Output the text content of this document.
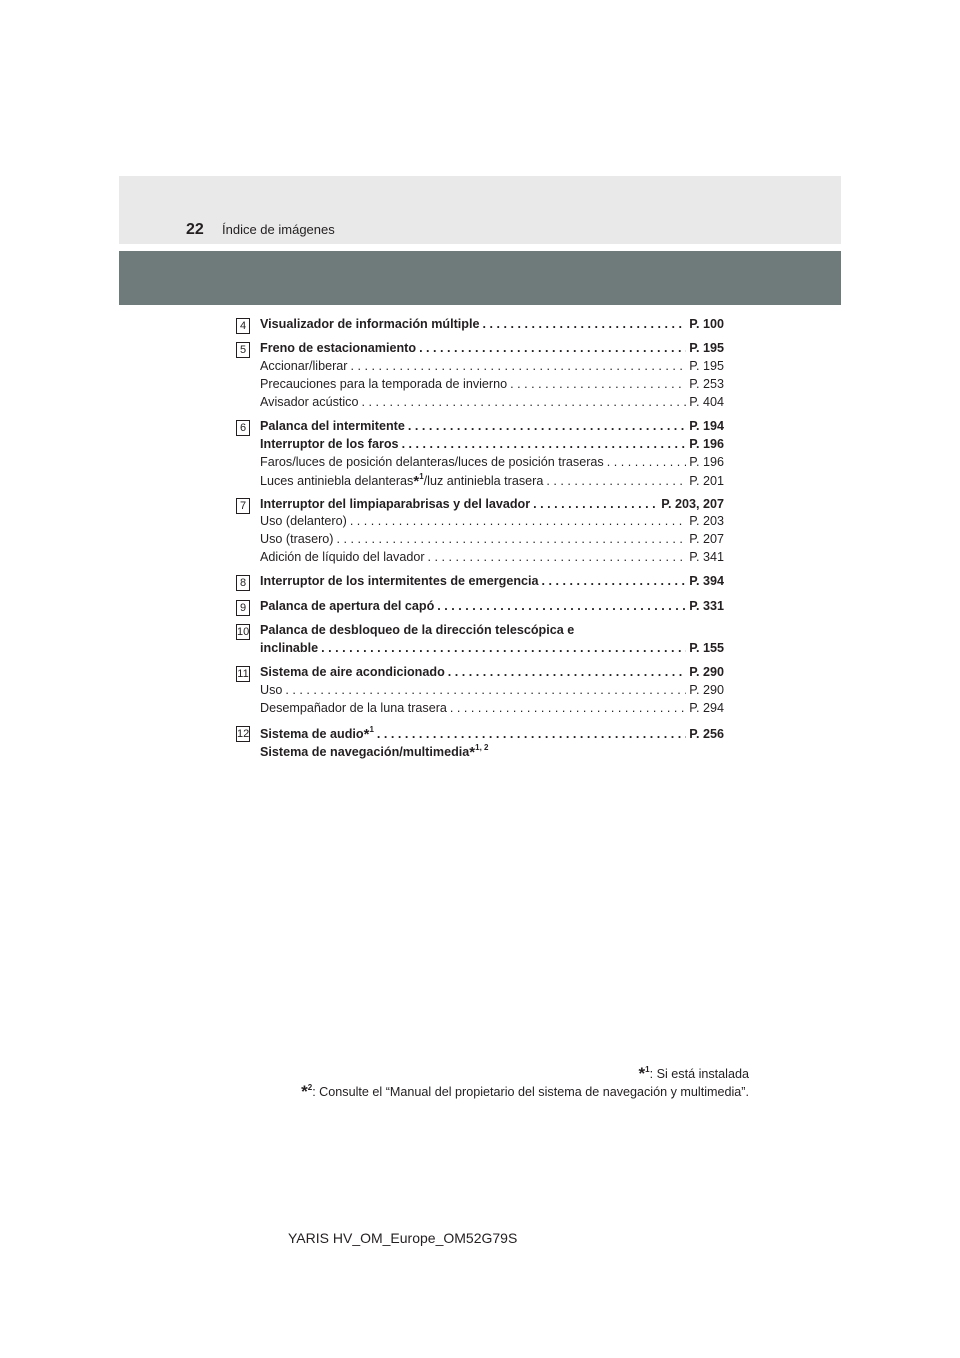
22 Índice de imágenes
4	Visualizador de información múltiple . . .	P. 100
5	Freno de estacionamiento . . .	P. 195
Accionar/liberar . . .	P. 195
Precauciones para la temporada de invierno . . .	P. 253
Avisador acústico . . .	P. 404
6	Palanca del intermitente . . .	P. 194
Interruptor de los faros . . .	P. 196
Faros/luces de posición delanteras/luces de posición traseras . . .	P. 196
Luces antiniebla delanteras*$^1$/luz antiniebla trasera . . .	P. 201
7	Interruptor del limpiaparabrisas y del lavador . . .	P. 203, 207
Uso (delantero) . . .	P. 203
Uso (trasero) . . .	P. 207
Adición de líquido del lavador . . .	P. 341
8	Interruptor de los intermitentes de emergencia . . .	P. 394
9	Palanca de apertura del capó . . .	P. 331
10 Palanca de desbloqueo de la dirección telescópica e
inclinable . . .	P. 155
11 Sistema de aire acondicionado . . .	P. 290
Uso . . .	P. 290
Desempañador de la luna trasera . . .	P. 294
12 Sistema de audio*$^1$ . . .	P. 256
Sistema de navegación/multimedia*$^{1, 2}$
*$^1$: Si está instalada
*$^2$: Consulte el “Manual del propietario del sistema de navegación y multimedia”.
YARIS HV_OM_Europe_OM52G79S
